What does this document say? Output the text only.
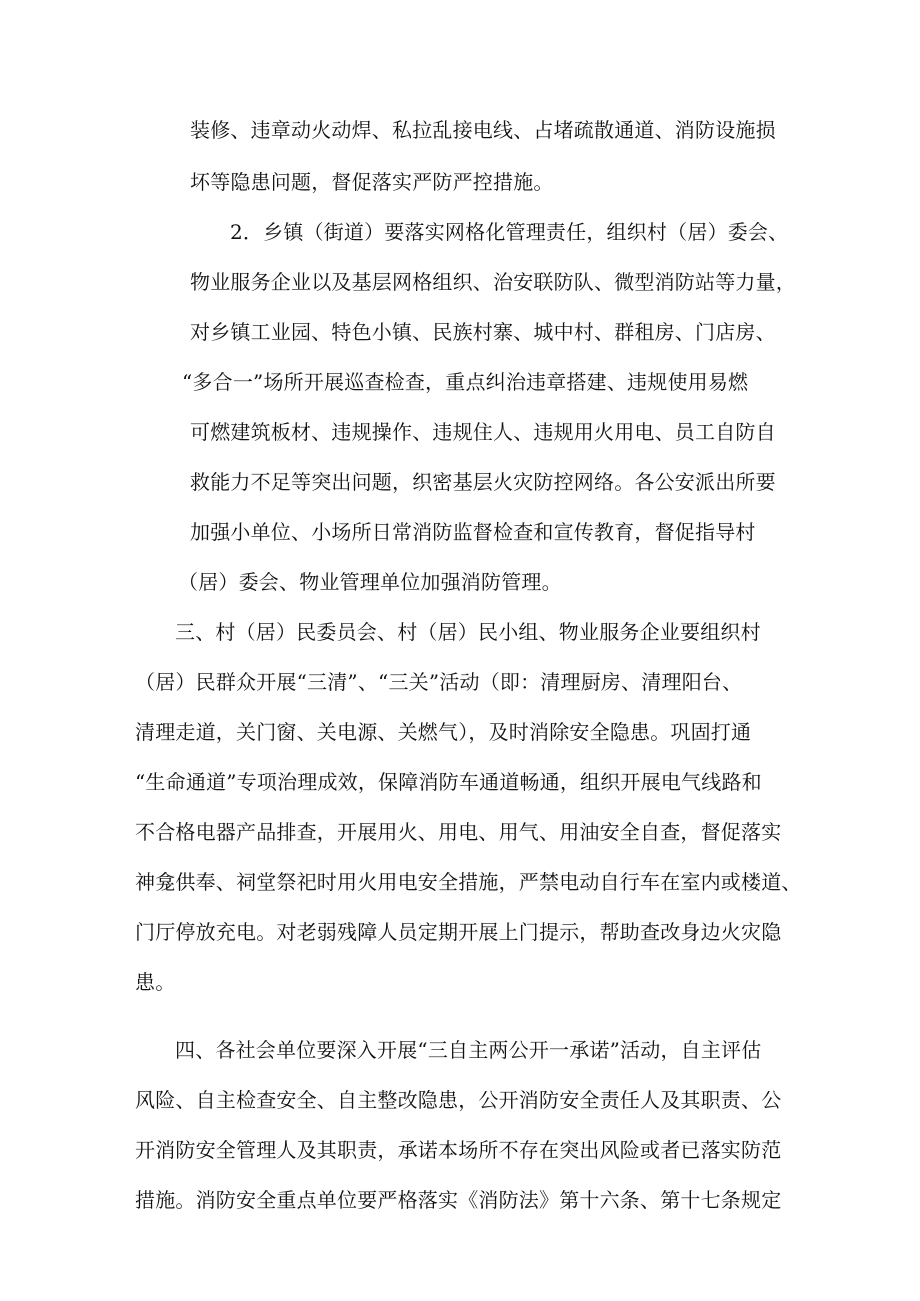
装修、违章动火动焊、私拉乱接电线、占堵疏散通道、消防设施损
坏等隐患问题，督促落实严防严控措施。
2．乡镇（街道）要落实网格化管理责任，组织村（居）委会、
物业服务企业以及基层网格组织、治安联防队、微型消防站等力量，
对乡镇工业园、特色小镇、民族村寨、城中村、群租房、门店房、
“多合一”场所开展巡查检查，重点纠治违章搭建、违规使用易燃
可燃建筑板材、违规操作、违规住人、违规用火用电、员工自防自
救能力不足等突出问题，织密基层火灾防控网络。各公安派出所要
加强小单位、小场所日常消防监督检查和宣传教育，督促指导村
（居）委会、物业管理单位加强消防管理。
三、村（居）民委员会、村（居）民小组、物业服务企业要组织村
（居）民群众开展“三清”、“三关”活动（即：清理厨房、清理阳台、
清理走道，关门窗、关电源、关燃气），及时消除安全隐患。巩固打通
“生命通道”专项治理成效，保障消防车通道畅通，组织开展电气线路和
不合格电器产品排查，开展用火、用电、用气、用油安全自查，督促落实
神龛供奉、祠堂祭祀时用火用电安全措施，严禁电动自行车在室内或楼道、
门厅停放充电。对老弱残障人员定期开展上门提示，帮助查改身边火灾隐
患。
四、各社会单位要深入开展“三自主两公开一承诺”活动，自主评估
风险、自主检查安全、自主整改隐患，公开消防安全责任人及其职责、公
开消防安全管理人及其职责，承诺本场所不存在突出风险或者已落实防范
措施。消防安全重点单位要严格落实《消防法》第十六条、第十七条规定
